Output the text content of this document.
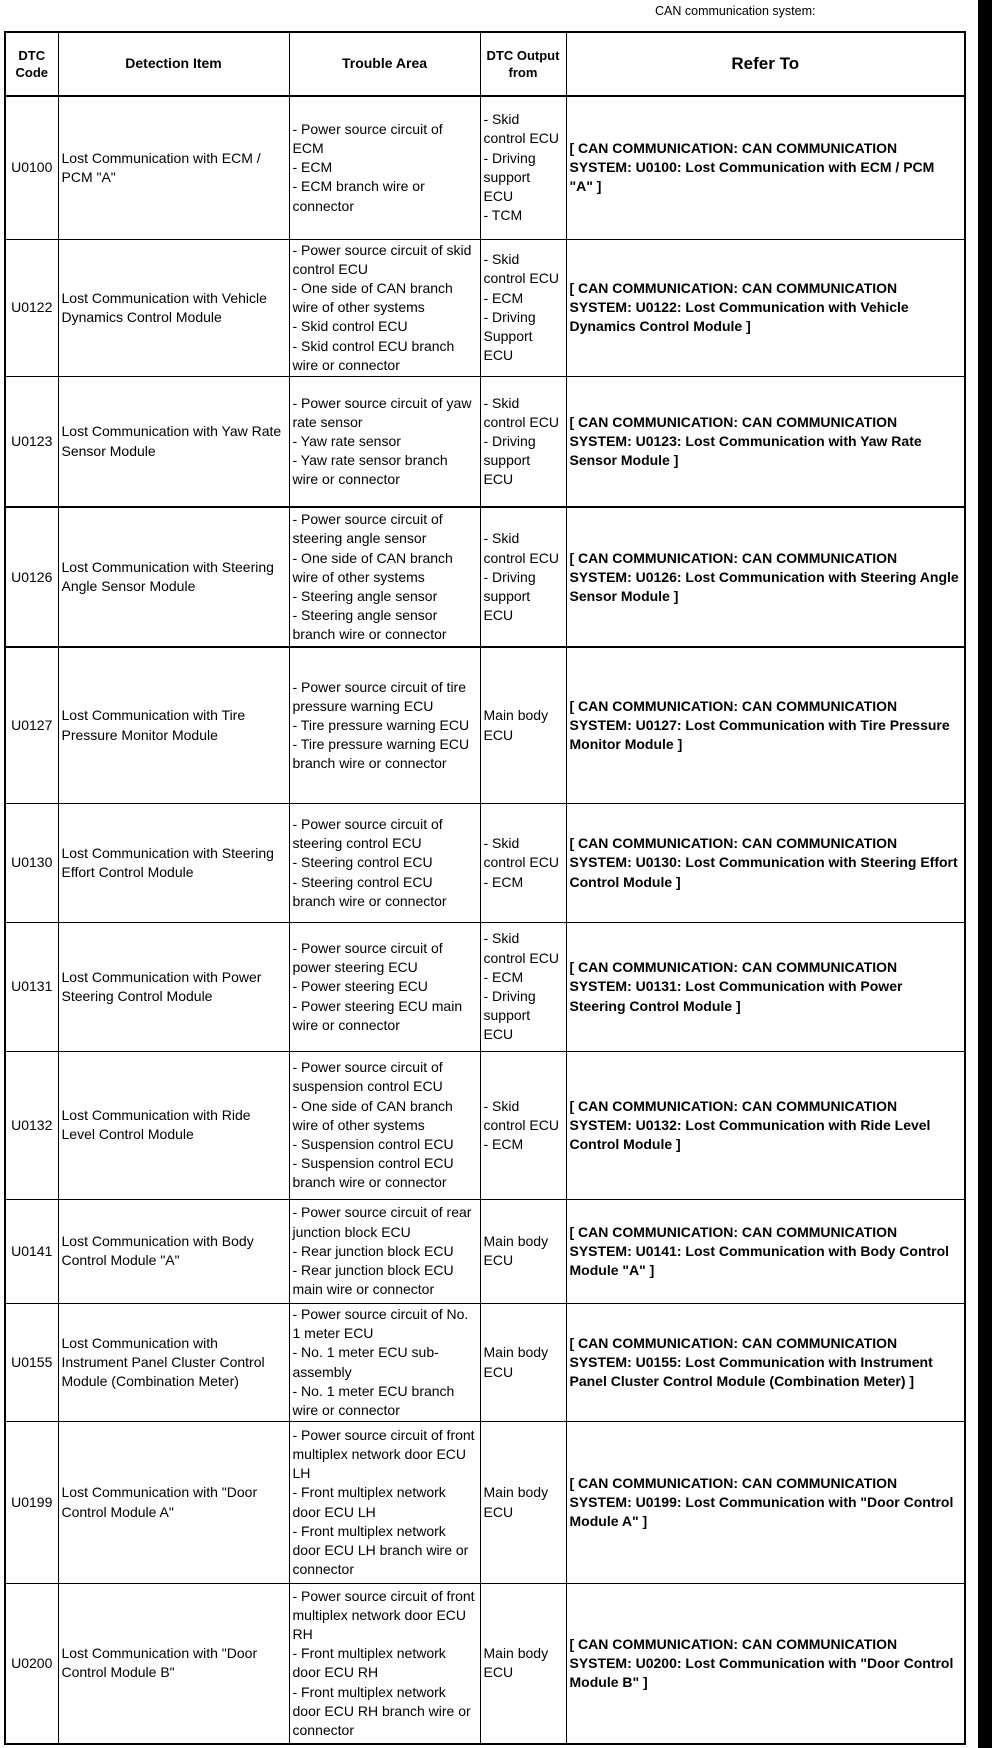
CAN communication system:
DTC Code	Detection Item	Trouble Area	DTC Output from	Refer To
U0100	Lost Communication with ECM / PCM "A"	- Power source circuit of ECM
- ECM
- ECM branch wire or connector	- Skid control ECU
- Driving support ECU
- TCM	[ CAN COMMUNICATION: CAN COMMUNICATION SYSTEM: U0100: Lost Communication with ECM / PCM "A" ]
U0122	Lost Communication with Vehicle Dynamics Control Module	- Power source circuit of skid control ECU
- One side of CAN branch wire of other systems
- Skid control ECU
- Skid control ECU branch wire or connector	- Skid control ECU
- ECM
- Driving Support ECU	[ CAN COMMUNICATION: CAN COMMUNICATION SYSTEM: U0122: Lost Communication with Vehicle Dynamics Control Module ]
U0123	Lost Communication with Yaw Rate Sensor Module	- Power source circuit of yaw rate sensor
- Yaw rate sensor
- Yaw rate sensor branch wire or connector	- Skid control ECU
- Driving support ECU	[ CAN COMMUNICATION: CAN COMMUNICATION SYSTEM: U0123: Lost Communication with Yaw Rate Sensor Module ]
U0126	Lost Communication with Steering Angle Sensor Module	- Power source circuit of steering angle sensor
- One side of CAN branch wire of other systems
- Steering angle sensor
- Steering angle sensor branch wire or connector	- Skid control ECU
- Driving support ECU	[ CAN COMMUNICATION: CAN COMMUNICATION SYSTEM: U0126: Lost Communication with Steering Angle Sensor Module ]
U0127	Lost Communication with Tire Pressure Monitor Module	- Power source circuit of tire pressure warning ECU
- Tire pressure warning ECU
- Tire pressure warning ECU branch wire or connector	Main body ECU	[ CAN COMMUNICATION: CAN COMMUNICATION SYSTEM: U0127: Lost Communication with Tire Pressure Monitor Module ]
U0130	Lost Communication with Steering Effort Control Module	- Power source circuit of steering control ECU
- Steering control ECU
- Steering control ECU branch wire or connector	- Skid control ECU
- ECM	[ CAN COMMUNICATION: CAN COMMUNICATION SYSTEM: U0130: Lost Communication with Steering Effort Control Module ]
U0131	Lost Communication with Power Steering Control Module	- Power source circuit of power steering ECU
- Power steering ECU
- Power steering ECU main wire or connector	- Skid control ECU
- ECM
- Driving support ECU	[ CAN COMMUNICATION: CAN COMMUNICATION SYSTEM: U0131: Lost Communication with Power Steering Control Module ]
U0132	Lost Communication with Ride Level Control Module	- Power source circuit of suspension control ECU
- One side of CAN branch wire of other systems
- Suspension control ECU
- Suspension control ECU branch wire or connector	- Skid control ECU
- ECM	[ CAN COMMUNICATION: CAN COMMUNICATION SYSTEM: U0132: Lost Communication with Ride Level Control Module ]
U0141	Lost Communication with Body Control Module "A"	- Power source circuit of rear junction block ECU
- Rear junction block ECU
- Rear junction block ECU main wire or connector	Main body ECU	[ CAN COMMUNICATION: CAN COMMUNICATION SYSTEM: U0141: Lost Communication with Body Control Module "A" ]
U0155	Lost Communication with Instrument Panel Cluster Control Module (Combination Meter)	- Power source circuit of No. 1 meter ECU
- No. 1 meter ECU sub-assembly
- No. 1 meter ECU branch wire or connector	Main body ECU	[ CAN COMMUNICATION: CAN COMMUNICATION SYSTEM: U0155: Lost Communication with Instrument Panel Cluster Control Module (Combination Meter) ]
U0199	Lost Communication with "Door Control Module A"	- Power source circuit of front multiplex network door ECU LH
- Front multiplex network door ECU LH
- Front multiplex network door ECU LH branch wire or connector	Main body ECU	[ CAN COMMUNICATION: CAN COMMUNICATION SYSTEM: U0199: Lost Communication with "Door Control Module A" ]
U0200	Lost Communication with "Door Control Module B"	- Power source circuit of front multiplex network door ECU RH
- Front multiplex network door ECU RH
- Front multiplex network door ECU RH branch wire or connector	Main body ECU	[ CAN COMMUNICATION: CAN COMMUNICATION SYSTEM: U0200: Lost Communication with "Door Control Module B" ]
